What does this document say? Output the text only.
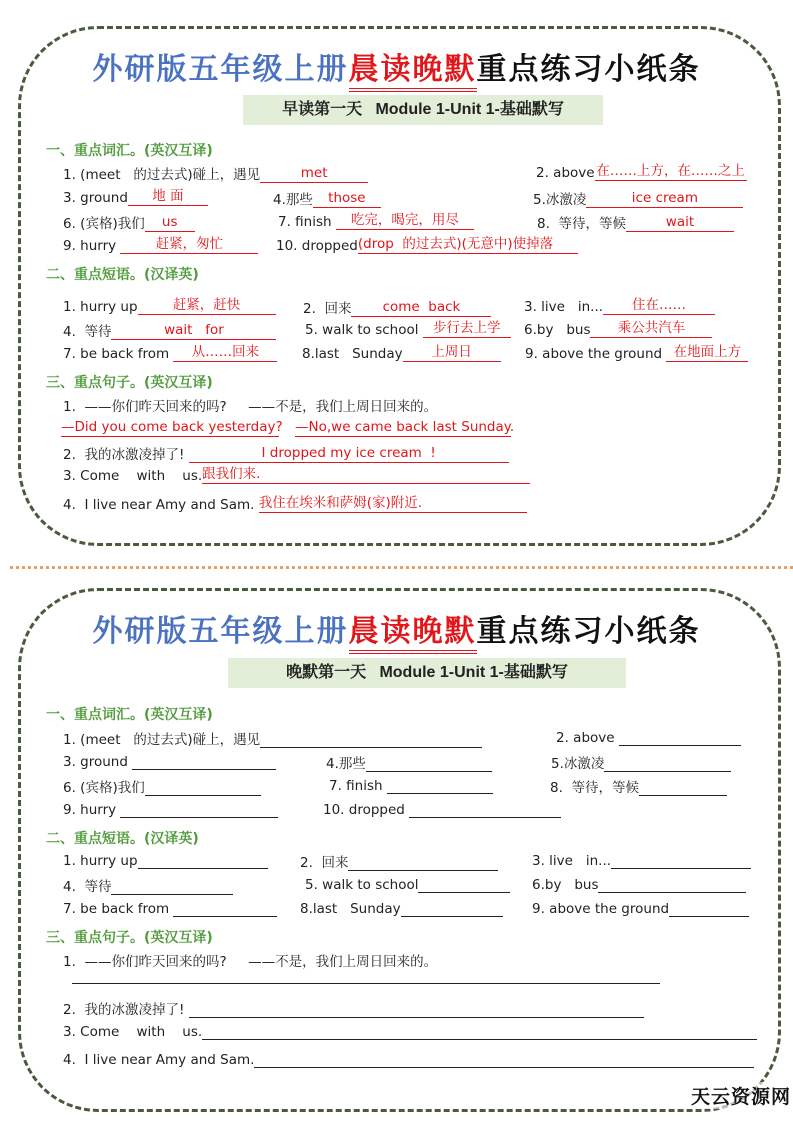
外研版五年级上册晨读晚默重点练习小纸条
早读第一天   Module 1-Unit 1-基础默写
一、重点词汇。(英汉互译)
1. (meet   的过去式)碰上，遇见	met	2. above 在……上方，在……之上
3. ground	地 面	4.那些	those	5.冰激凌	ice cream
6. (宾格)我们	us	7. finish	吃完，喝完，用尽	8.  等待，等候	wait
9. hurry	赶紧，匆忙	10. dropped (drop  的过去式)(无意中)使掉落
二、重点短语。(汉译英)
1. hurry up	赶紧，赶快	2.  回来	come  back	3. live   in...	住在……
4.  等待	wait   for	5. walk to school 步行去上学	6.by   bus	乘公共汽车
7. be back from	从……回来	8.last   Sunday	上周日	9. above the ground 在地面上方
三、重点句子。(英汉互译)
1.  ——你们昨天回来的吗?     ——不是，我们上周日回来的。
—Did you come back yesterday? —No,we came back last Sunday.
2.  我的冰激凌掉了!	I dropped my ice cream  !
3. Come    with    us. 跟我们来.
4.  I live near Amy and Sam. 我住在埃米和萨姆(家)附近.
外研版五年级上册晨读晚默重点练习小纸条
晚默第一天   Module 1-Unit 1-基础默写
一、重点词汇。(英汉互译)
1. (meet   的过去式)碰上，遇见	2. above
3. ground	4.那些	5.冰激凌
6. (宾格)我们	7. finish	8.  等待，等候
9. hurry	10. dropped
二、重点短语。(汉译英)
1. hurry up	2.  回来	3. live   in...
4.  等待	5. walk to school	6.by   bus
7. be back from	8.last   Sunday	9. above the ground
三、重点句子。(英汉互译)
1.  ——你们昨天回来的吗?     ——不是，我们上周日回来的。
2.  我的冰激凌掉了!
3. Come    with    us.
4.  I live near Amy and Sam.
天云资源网
